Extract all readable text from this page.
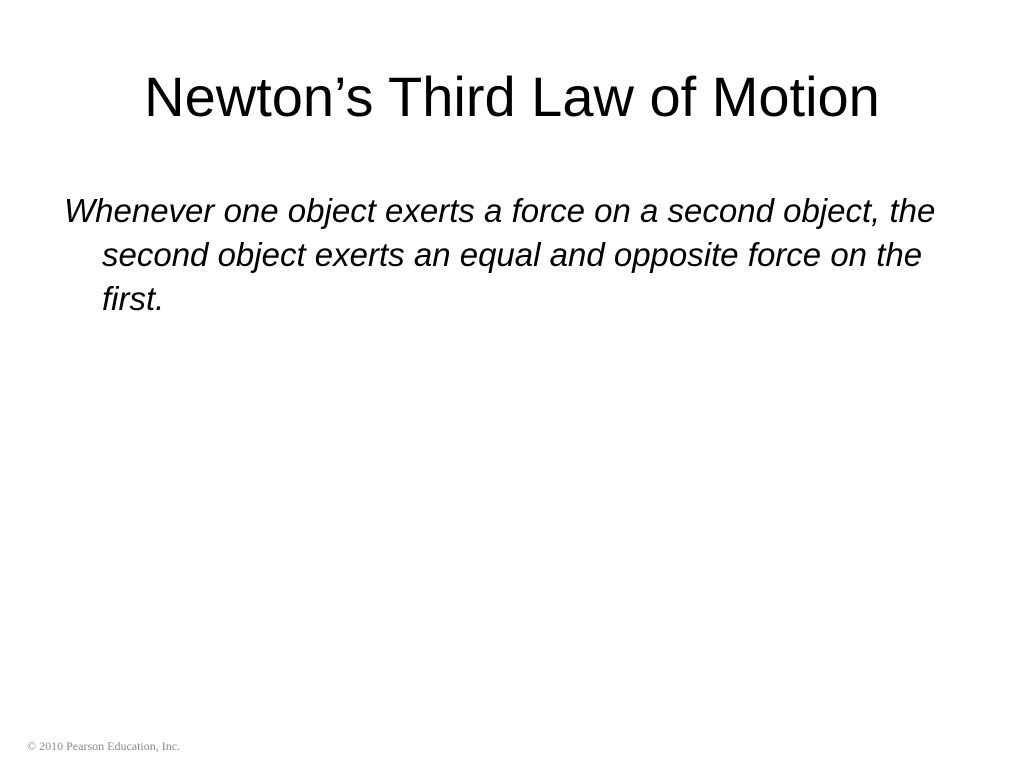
Newton’s Third Law of Motion

Whenever one object exerts a force on a second object, the second object exerts an equal and opposite force on the first.

© 2010 Pearson Education, Inc.
